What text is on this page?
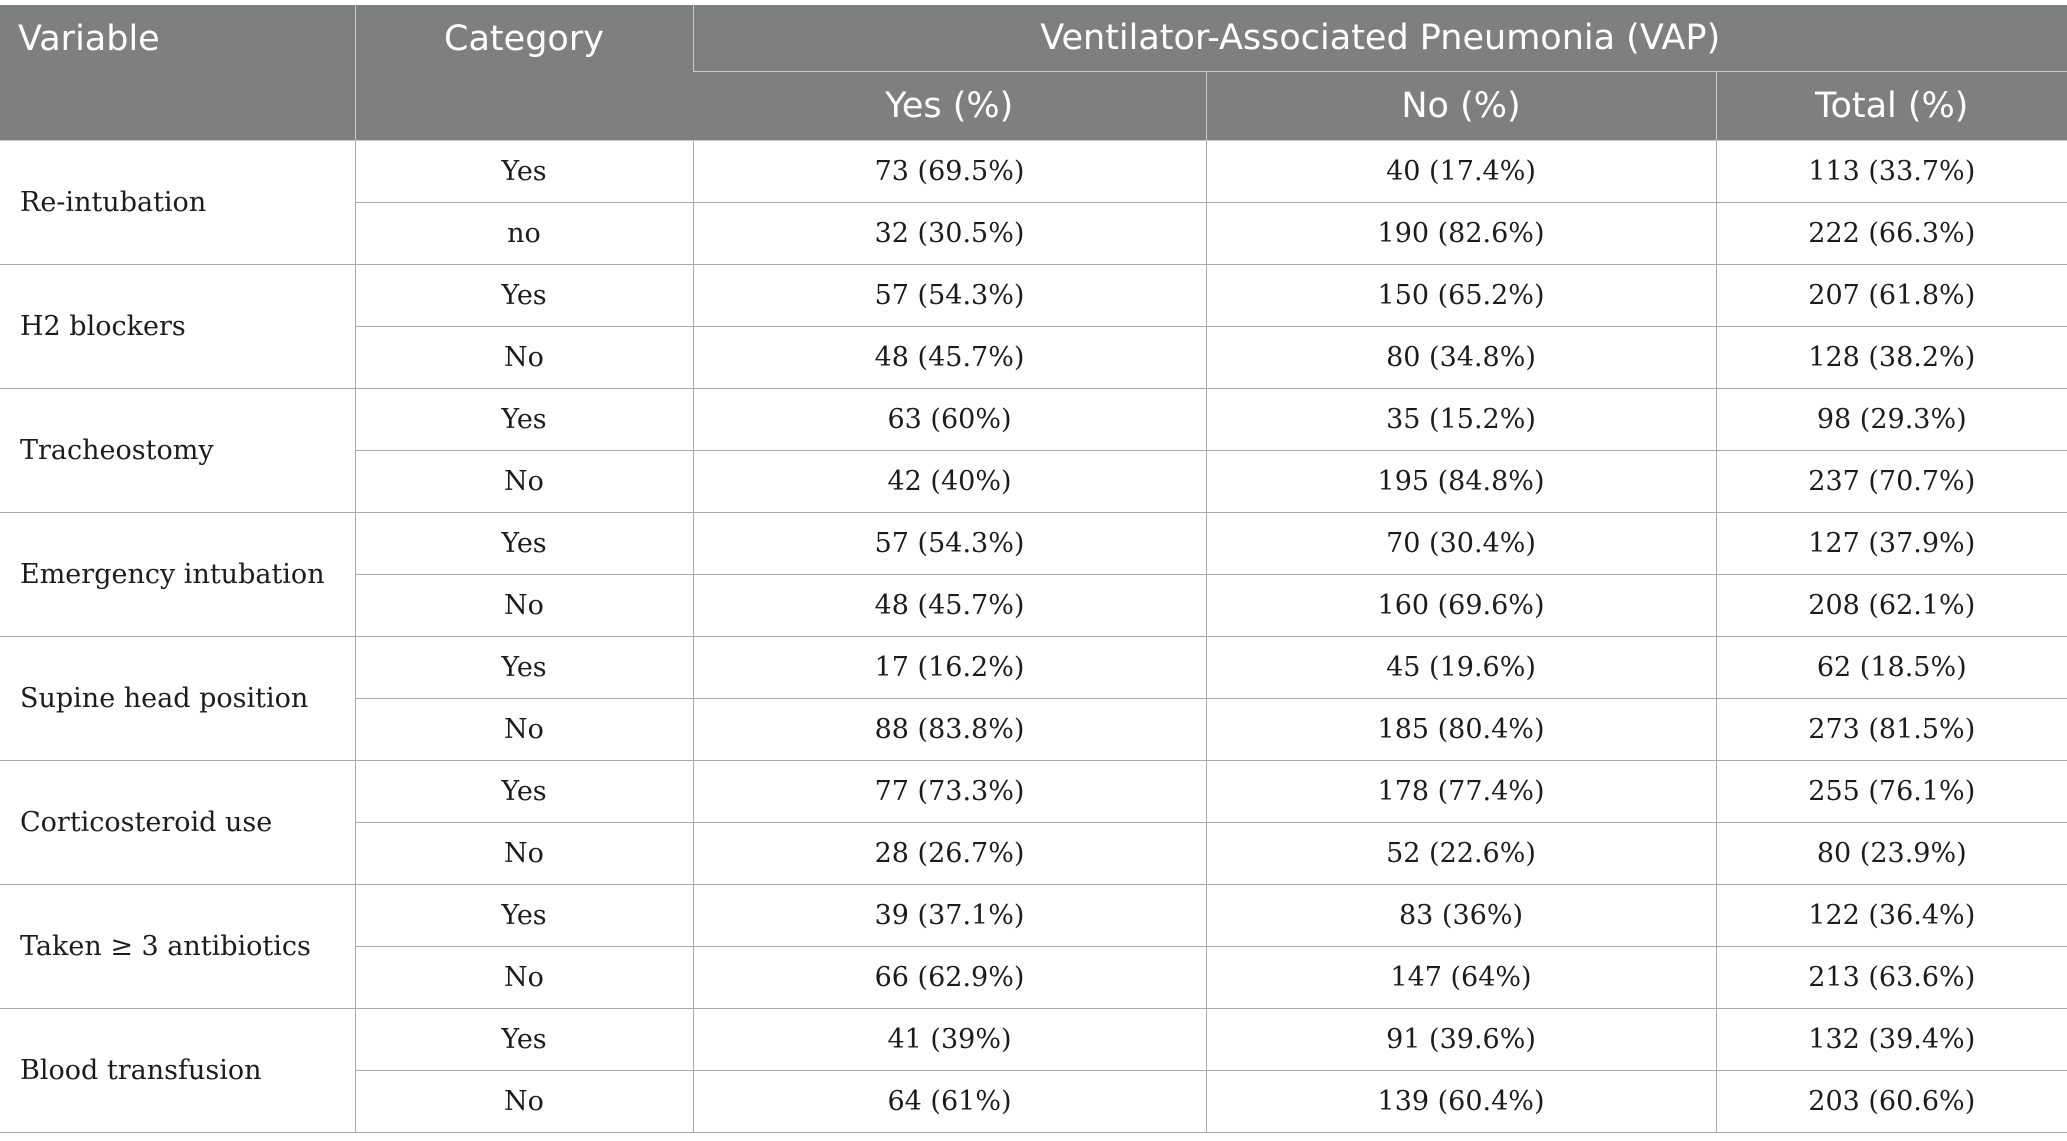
Variable	Category	Ventilator-Associated Pneumonia (VAP)		
		Yes (%)	No (%)	Total (%)
Re-intubation	Yes	73 (69.5%)	40 (17.4%)	113 (33.7%)
	no	32 (30.5%)	190 (82.6%)	222 (66.3%)
H2 blockers	Yes	57 (54.3%)	150 (65.2%)	207 (61.8%)
	No	48 (45.7%)	80 (34.8%)	128 (38.2%)
Tracheostomy	Yes	63 (60%)	35 (15.2%)	98 (29.3%)
	No	42 (40%)	195 (84.8%)	237 (70.7%)
Emergency intubation	Yes	57 (54.3%)	70 (30.4%)	127 (37.9%)
	No	48 (45.7%)	160 (69.6%)	208 (62.1%)
Supine head position	Yes	17 (16.2%)	45 (19.6%)	62 (18.5%)
	No	88 (83.8%)	185 (80.4%)	273 (81.5%)
Corticosteroid use	Yes	77 (73.3%)	178 (77.4%)	255 (76.1%)
	No	28 (26.7%)	52 (22.6%)	80 (23.9%)
Taken ≥ 3 antibiotics	Yes	39 (37.1%)	83 (36%)	122 (36.4%)
	No	66 (62.9%)	147 (64%)	213 (63.6%)
Blood transfusion	Yes	41 (39%)	91 (39.6%)	132 (39.4%)
	No	64 (61%)	139 (60.4%)	203 (60.6%)
